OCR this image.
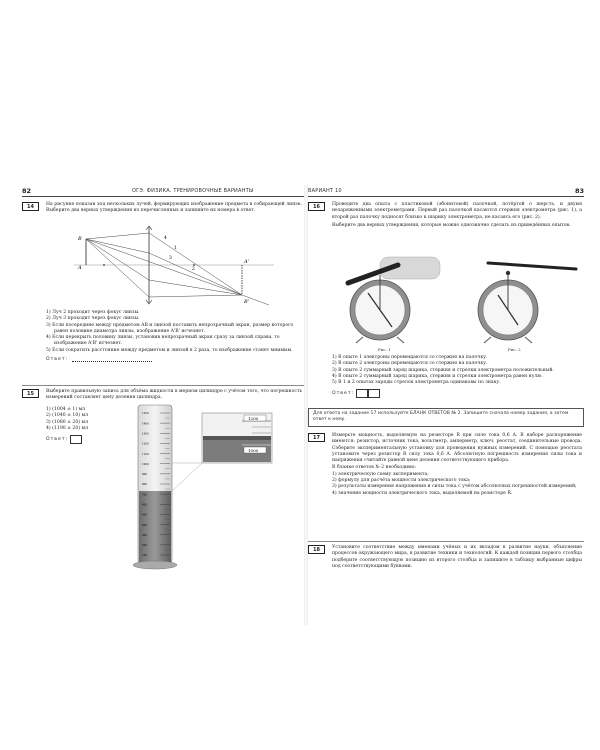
82	ОГЭ. ФИЗИКА. ТРЕНИРОВОЧНЫЕ ВАРИАНТЫ
14	На рисунке показан ход нескольких лучей, формирующих изображение предмета в собирающей линзе. Выберите два верных утверждения из перечисленных и запишите их номера в ответ.
B
A
A'
B'
1
2
3
4
1) Луч 2 проходит через фокус линзы.
2) Луч 3 проходит через фокус линзы.
3) Если посередине между предметом AB и линзой поставить непрозрачный экран, размер которого равен половине диаметра линзы, изображение A'B' исчезнет.
4) Если перекрыть половину линзы, установив непрозрачный экран сразу за линзой справа, то изображение A'B' исчезнет.
5) Если сократить расстояние между предметом и линзой в 2 раза, то изображение станет мнимым.
Ответ:
15	Выберите правильную запись для объёма жидкости в мерном цилиндре с учётом того, что погрешность измерений составляет цену деления цилиндра.
1) (1004 ± 1) мл
2) (1040 ± 10) мл
3) (1080 ± 20) мл
4) (1190 ± 20) мл
Ответ:
1500
1400
1300
1200
1100
1000
900
800
700
600
500
400
300
200
100
1200
1000
ВАРИАНТ 10	83
16	Проведите два опыта с пластиковой (эбонитовой) палочкой, потёртой о шерсть, и двумя незаряженными электрометрами. Первый раз палочкой касаются стержня электрометра (рис. 1), а второй раз палочку подносят близко к шарику электрометра, не касаясь его (рис. 2).
Выберите два верных утверждения, которые можно однозначно сделать из приведённых опытов.
Рис. 1	Рис. 2
1) В опыте 1 электроны перемещаются со стержня на палочку.
2) В опыте 2 электроны перемещаются со стержня на палочку.
3) В опыте 2 суммарный заряд шарика, стержня и стрелки электрометра положительный.
4) В опыте 2 суммарный заряд шарика, стержня и стрелки электрометра равен нулю.
5) В 1 и 2 опытах заряды стрелок электрометра одинаковы по знаку.
Ответ:
Для ответа на задание 17 используйте БЛАНК ОТВЕТОВ № 2. Запишите сначала номер задания, а затем ответ к нему.
17	Измерьте мощность, выделяемую на резисторе R при силе тока 0,6 А. В наборе распоряжение имеются: резистор, источник тока, вольтметр, амперметр, ключ, реостат, соединительные провода. Соберите экспериментальную установку для проведения нужных измерений. С помощью реостата установите через резистор R силу тока 0,6 А. Абсолютную погрешность измерения силы тока и напряжения считайте равной цене деления соответствующего прибора.
В бланке ответов № 2 необходимо:
1) электрическую схему эксперимента;
2) формулу для расчёта мощности электрического тока;
3) результаты измерения напряжения и силы тока с учётом абсолютных погрешностей измерений;
4) значение мощности электрического тока, выделяемой на резисторе R.
18	Установите соответствие между именами учёных и их вкладом в развитие науки, объяснение процессов окружающего мира, в развитие техники и технологий. К каждой позиции первого столбца подберите соответствующую позицию из второго столбца и запишите в таблицу выбранные цифры под соответствующими буквами.
